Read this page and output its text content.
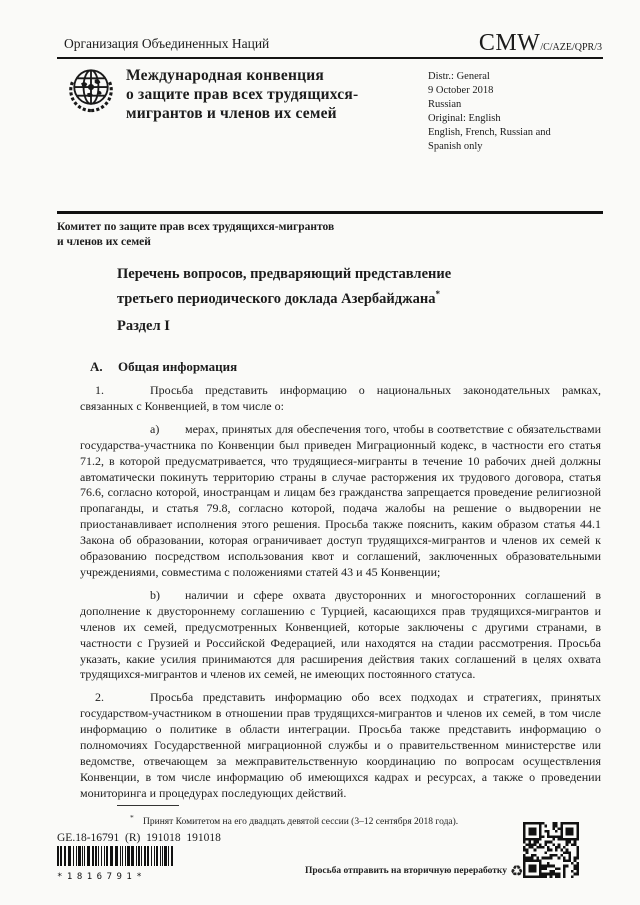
Организация Объединенных Наций	CMW/C/AZE/QPR/3
Международная конвенция
о защите прав всех трудящихся-
мигрантов и членов их семей
Distr.: General
9 October 2018
Russian
Original: English
English, French, Russian and
Spanish only
Комитет по защите прав всех трудящихся-мигрантов
и членов их семей
Перечень вопросов, предваряющий представление
третьего периодического доклада Азербайджана*
Раздел I
A. Общая информация
1.	Просьба представить информацию о национальных законодательных рамках, связанных с Конвенцией, в том числе о:
а) мерах, принятых для обеспечения того, чтобы в соответствие с обязательствами государства-участника по Конвенции был приведен Миграционный кодекс, в частности его статья 71.2, в которой предусматривается, что трудящиеся-мигранты в течение 10 рабочих дней должны автоматически покинуть территорию страны в случае расторжения их трудового договора, статья 76.6, согласно которой, иностранцам и лицам без гражданства запрещается проведение религиозной пропаганды, и статья 79.8, согласно которой, подача жалобы на решение о выдворении не приостанавливает исполнения этого решения. Просьба также пояснить, каким образом статья 44.1 Закона об образовании, которая ограничивает доступ трудящихся-мигрантов и членов их семей к образованию посредством использования квот и соглашений, заключенных образовательными учреждениями, совместима с положениями статей 43 и 45 Конвенции;
b) наличии и сфере охвата двусторонних и многосторонних соглашений в дополнение к двустороннему соглашению с Турцией, касающихся прав трудящихся-мигрантов и членов их семей, предусмотренных Конвенцией, которые заключены с другими странами, в частности с Грузией и Российской Федерацией, или находятся на стадии рассмотрения. Просьба указать, какие усилия принимаются для расширения действия таких соглашений в целях охвата трудящихся-мигрантов и членов их семей, не имеющих постоянного статуса.
2.	Просьба представить информацию обо всех подходах и стратегиях, принятых государством-участником в отношении прав трудящихся-мигрантов и членов их семей, в том числе информацию о политике в области интеграции. Просьба также представить информацию о полномочиях Государственной миграционной службы и о правительственном министерстве или ведомстве, отвечающем за межправительственную координацию по вопросам осуществления Конвенции, в том числе информацию об имеющихся кадрах и ресурсах, а также о проведении мониторинга и процедурах последующих действий.
* Принят Комитетом на его двадцать девятой сессии (3–12 сентября 2018 года).
GE.18-16791  (R)  191018  191018
*1816791*
Просьба отправить на вторичную переработку ♻
